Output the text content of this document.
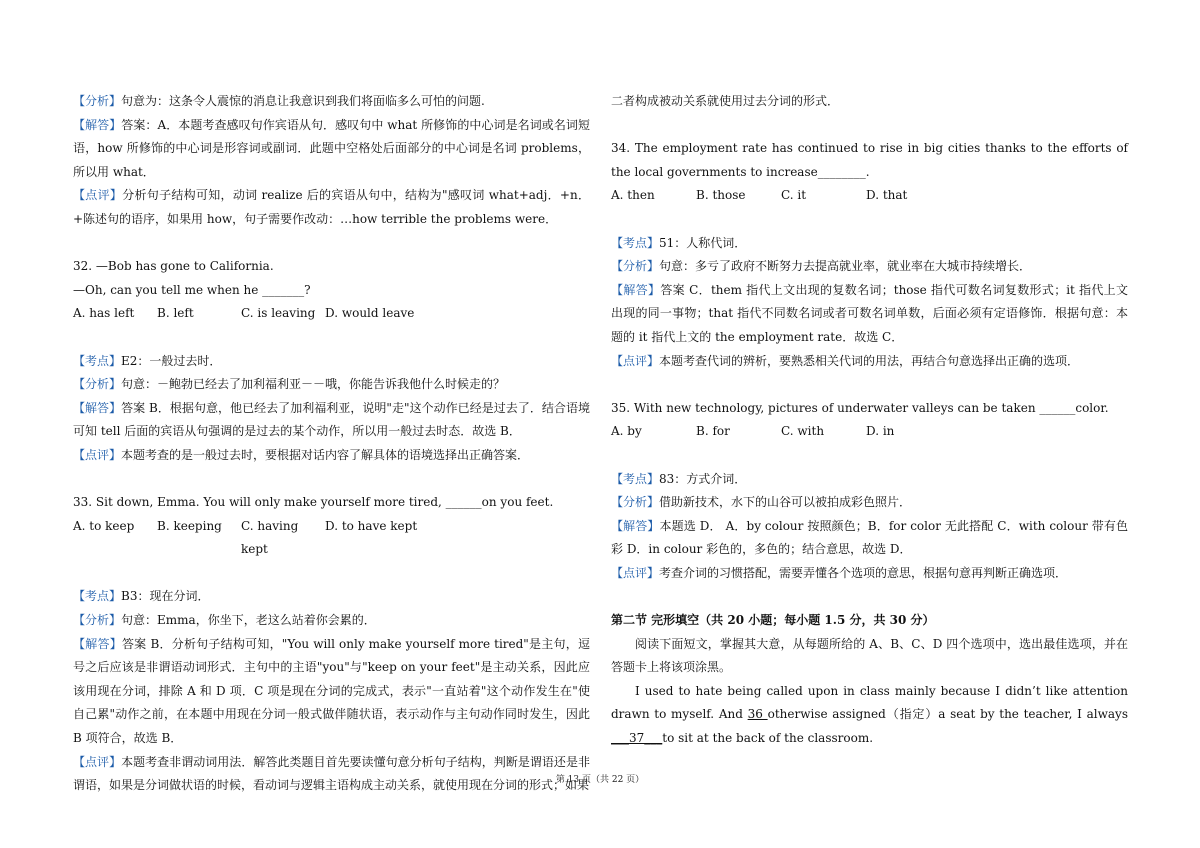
【分析】句意为：这条令人震惊的消息让我意识到我们将面临多么可怕的问题.

【解答】答案：A．本题考查感叹句作宾语从句．感叹句中 what 所修饰的中心词是名词或名词短语，how 所修饰的中心词是形容词或副词．此题中空格处后面部分的中心词是名词 problems，所以用 what．

【点评】分析句子结构可知，动词 realize 后的宾语从句中，结构为"感叹词 what+adj．+n．+陈述句的语序，如果用 how，句子需要作改动：…how terrible the problems were．

32. —Bob has gone to California.

—Oh, can you tell me when he _______?

A. has left	B. left	C. is leaving D. would leave

【考点】E2：一般过去时．

【分析】句意：－鲍勃已经去了加利福利亚－－哦，你能告诉我他什么时候走的？

【解答】答案 B．根据句意，他已经去了加利福利亚，说明"走"这个动作已经是过去了．结合语境可知 tell 后面的宾语从句强调的是过去的某个动作，所以用一般过去时态．故选 B．

【点评】本题考查的是一般过去时，要根据对话内容了解具体的语境选择出正确答案．

33. Sit down, Emma. You will only make yourself more tired, ______on you feet.

A. to keep	B. keeping	C. having kept
D. to have kept

【考点】B3：现在分词．

【分析】句意：Emma，你坐下，老这么站着你会累的．

【解答】答案 B．分析句子结构可知，"You will only make yourself more tired"是主句，逗号之后应该是非谓语动词形式．主句中的主语"you"与"keep on your feet"是主动关系，因此应该用现在分词，排除 A 和 D 项．C 项是现在分词的完成式，表示"一直站着"这个动作发生在"使自己累"动作之前，在本题中用现在分词一般式做伴随状语，表示动作与主句动作同时发生，因此 B 项符合，故选 B．

【点评】本题考查非谓动词用法．解答此类题目首先要读懂句意分析句子结构，判断是谓语还是非谓语，如果是分词做状语的时候，看动词与逻辑主语构成主动关系，就使用现在分词的形式；如果

二者构成被动关系就使用过去分词的形式．

34. The employment rate has continued to rise in big cities thanks to the efforts of the local governments to increase________.

A. then	B. those	C. it	D. that

【考点】51：人称代词．

【分析】句意：多亏了政府不断努力去提高就业率，就业率在大城市持续增长．

【解答】答案 C．them 指代上文出现的复数名词；those 指代可数名词复数形式；it 指代上文出现的同一事物；that 指代不同数名词或者可数名词单数，后面必须有定语修饰．根据句意：本题的 it 指代上文的 the employment rate．故选 C．

【点评】本题考查代词的辨析，要熟悉相关代词的用法，再结合句意选择出正确的选项．

35. With new technology, pictures of underwater valleys can be taken ______color.

A. by	B. for	C. with	D. in

【考点】83：方式介词．

【分析】借助新技术，水下的山谷可以被拍成彩色照片．

【解答】本题选 D． A．by colour 按照颜色；B．for color 无此搭配 C．with colour 带有色彩 D．in colour 彩色的，多色的；结合意思，故选 D．

【点评】考查介词的习惯搭配，需要弄懂各个选项的意思，根据句意再判断正确选项．

第二节 完形填空（共 20 小题；每小题 1.5 分，共 30 分）

阅读下面短文，掌握其大意，从每题所给的 A、B、C、D 四个选项中，选出最佳选项，并在答题卡上将该项涂黑。

I used to hate being called upon in class mainly because I didn’t like attention drawn to myself. And 36 otherwise assigned（指定）a seat by the teacher, I always ___37___to sit at the back of the classroom.

第 13 页（共 22 页）
